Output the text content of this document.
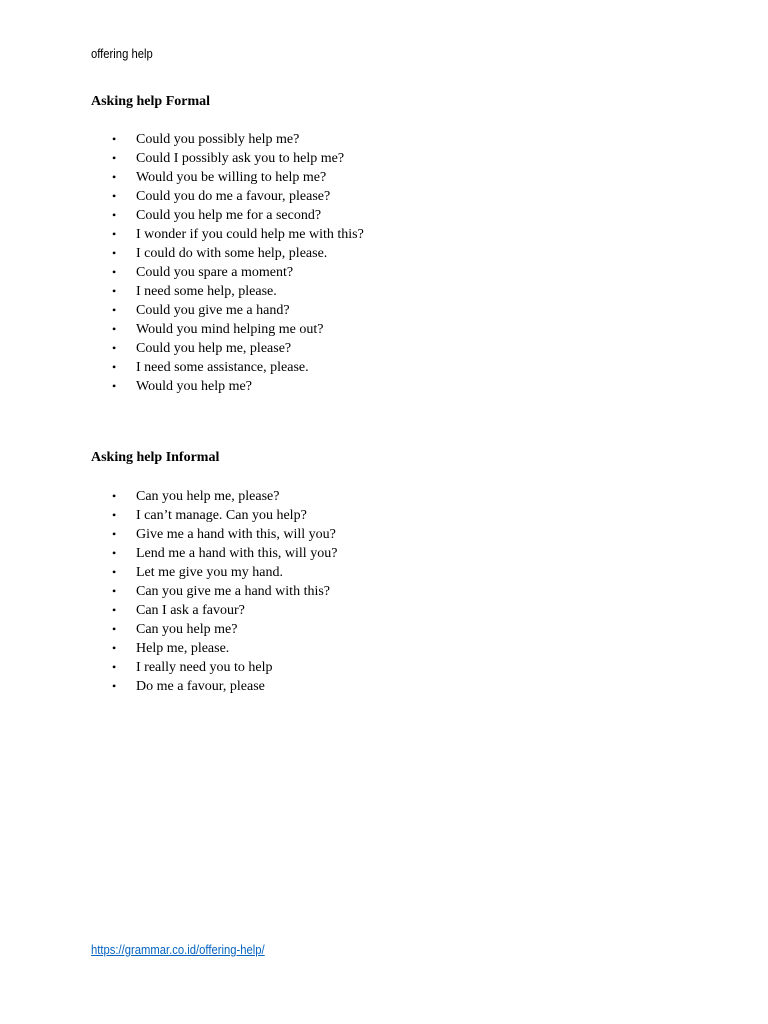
offering help

Asking help Formal
• Could you possibly help me?
• Could I possibly ask you to help me?
• Would you be willing to help me?
• Could you do me a favour, please?
• Could you help me for a second?
• I wonder if you could help me with this?
• I could do with some help, please.
• Could you spare a moment?
• I need some help, please.
• Could you give me a hand?
• Would you mind helping me out?
• Could you help me, please?
• I need some assistance, please.
• Would you help me?
Asking help Informal
• Can you help me, please?
• I can’t manage. Can you help?
• Give me a hand with this, will you?
• Lend me a hand with this, will you?
• Let me give you my hand.
• Can you give me a hand with this?
• Can I ask a favour?
• Can you help me?
• Help me, please.
• I really need you to help
• Do me a favour, please
https://grammar.co.id/offering-help/
